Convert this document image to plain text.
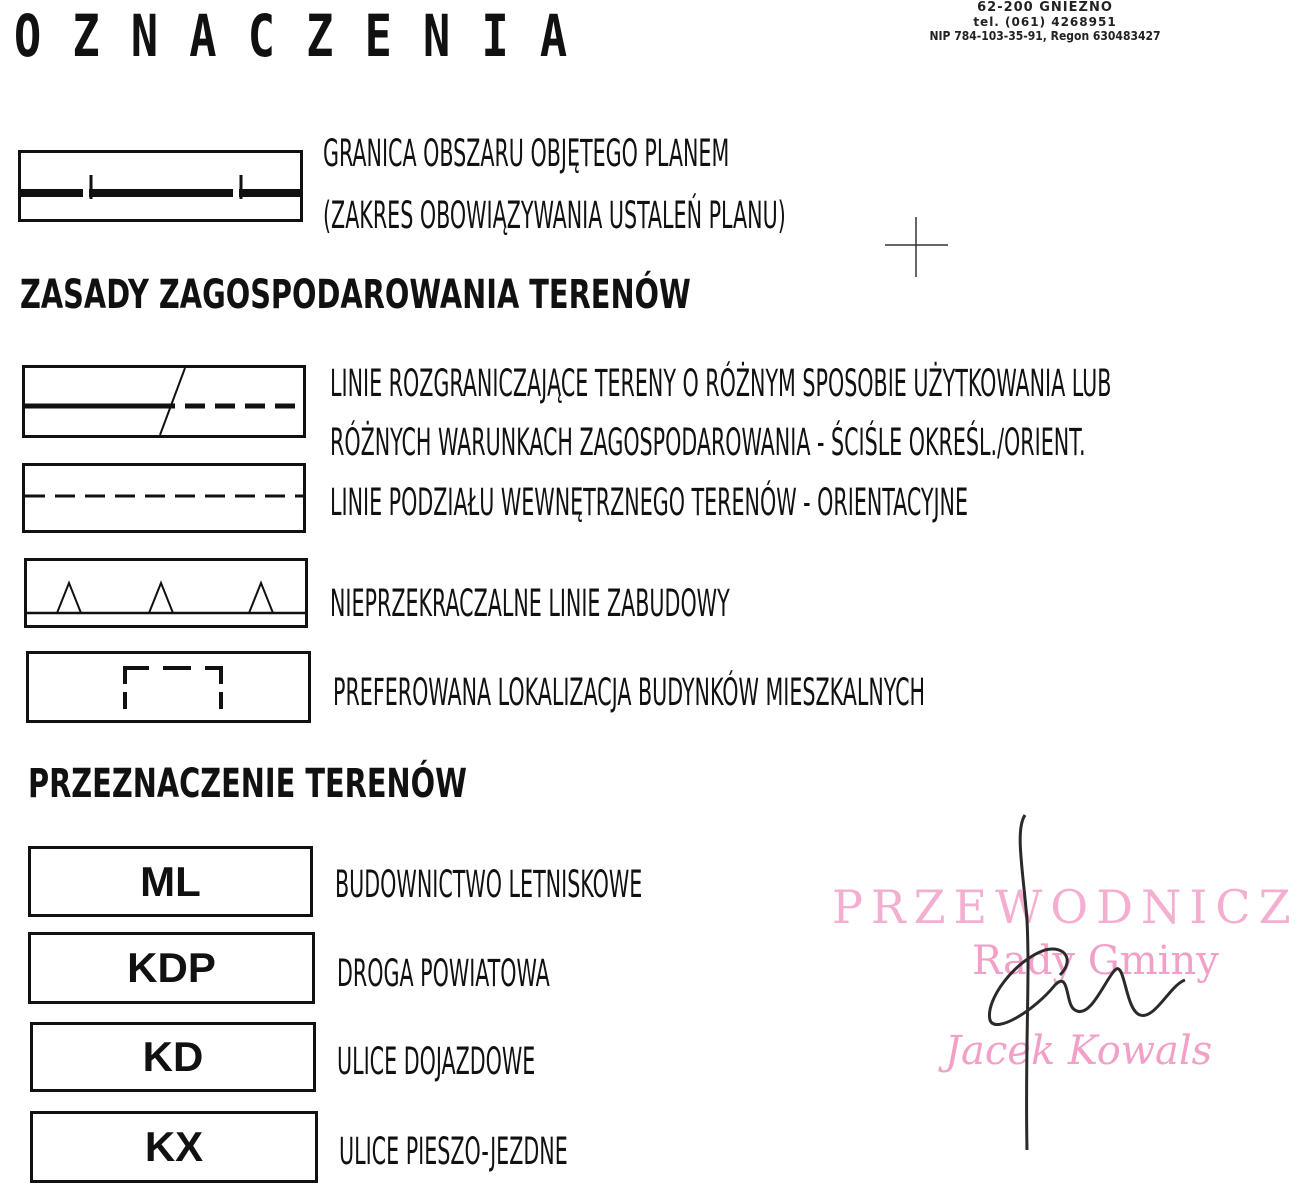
OZNACZENIA	62-200 GNIEZNO
tel. (061) 4268951
NIP 784-103-35-91, Regon 630483427
GRANICA OBSZARU OBJĘTEGO PLANEM
(ZAKRES OBOWIĄZYWANIA USTALEŃ PLANU)
ZASADY ZAGOSPODAROWANIA TERENÓW
LINIE ROZGRANICZAJĄCE TERENY O RÓŻNYM SPOSOBIE UŻYTKOWANIA LUB
RÓŻNYCH WARUNKACH ZAGOSPODAROWANIA - ŚCIŚLE OKREŚL./ORIENT.
LINIE PODZIAŁU WEWNĘTRZNEGO TERENÓW - ORIENTACYJNE
NIEPRZEKRACZALNE LINIE ZABUDOWY
PREFEROWANA LOKALIZACJA BUDYNKÓW MIESZKALNYCH
PRZEZNACZENIE TERENÓW
ML	BUDOWNICTWO LETNISKOWE
KDP	DROGA POWIATOWA
KD	ULICE DOJAZDOWE
KX	ULICE PIESZO-JEZDNE
PRZEWODNICZ
Rady Gminy
Jacek Kowals
